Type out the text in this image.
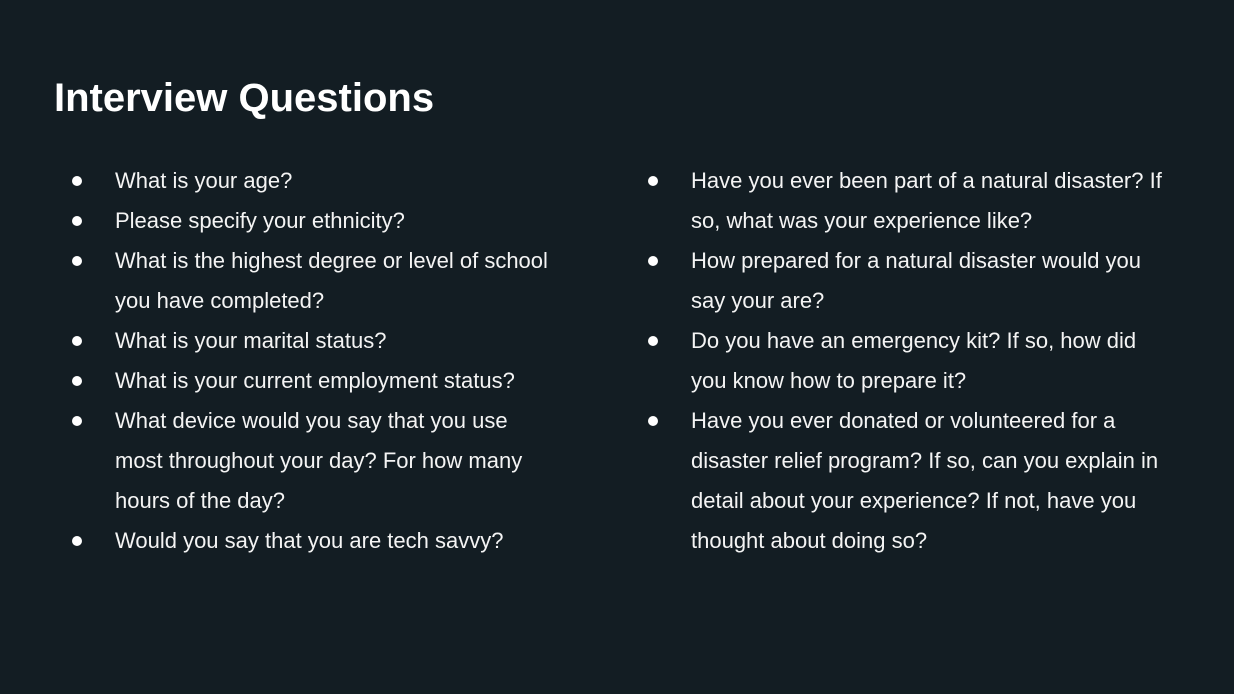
Interview Questions
What is your age?
Please specify your ethnicity?
What is the highest degree or level of school you have completed?
What is your marital status?
What is your current employment status?
What device would you say that you use most throughout your day? For how many hours of the day?
Would you say that you are tech savvy?
Have you ever been part of a natural disaster? If so, what was your experience like?
How prepared for a natural disaster would you say your are?
Do you have an emergency kit? If so, how did you know how to prepare it?
Have you ever donated or volunteered for a disaster relief program? If so, can you explain in detail about your experience? If not, have you thought about doing so?
